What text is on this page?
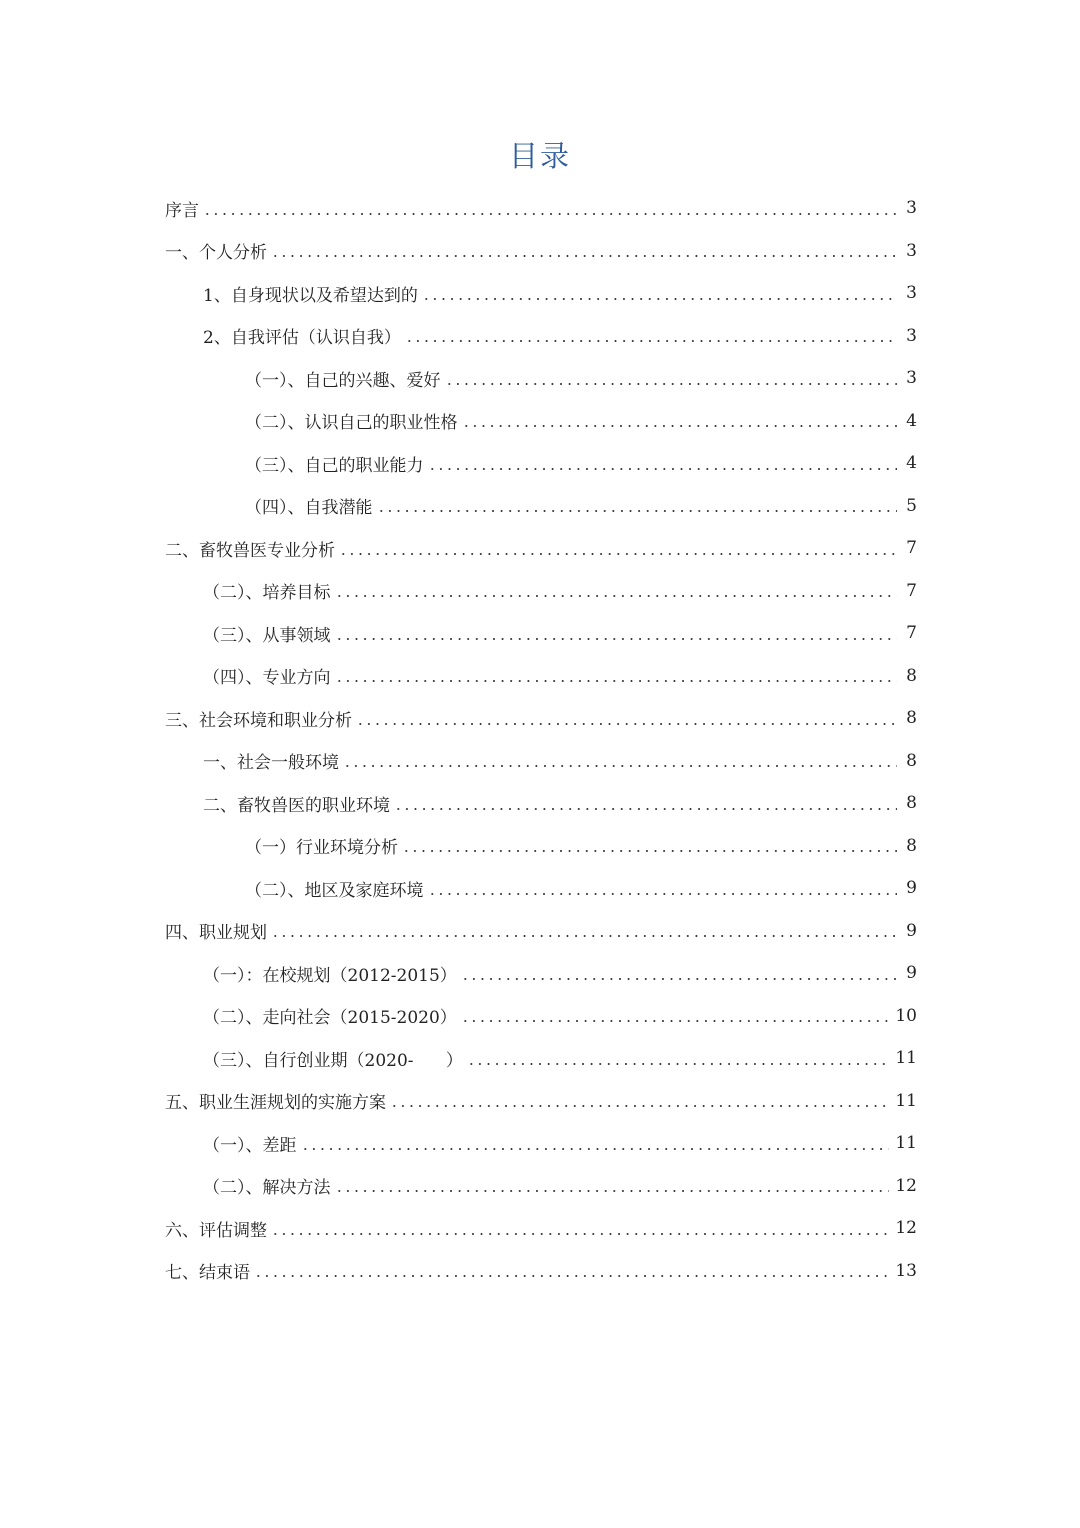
目录
序言	3
一、个人分析	3
1、自身现状以及希望达到的	3
2、自我评估（认识自我）	3
（一）、自己的兴趣、爱好	3
（二）、认识自己的职业性格	4
（三）、自己的职业能力	4
（四）、自我潜能	5
二、畜牧兽医专业分析	7
（二）、培养目标	7
（三）、从事领域	7
（四）、专业方向	8
三、社会环境和职业分析	8
一、社会一般环境	8
二、畜牧兽医的职业环境	8
（一）行业环境分析	8
（二）、地区及家庭环境	9
四、职业规划	9
（一）：在校规划（2012-2015）	9
（二）、走向社会（2015-2020）	10
（三）、自行创业期（2020-      ）	11
五、职业生涯规划的实施方案	11
（一）、差距	11
（二）、解决方法	12
六、评估调整	12
七、结束语	13
